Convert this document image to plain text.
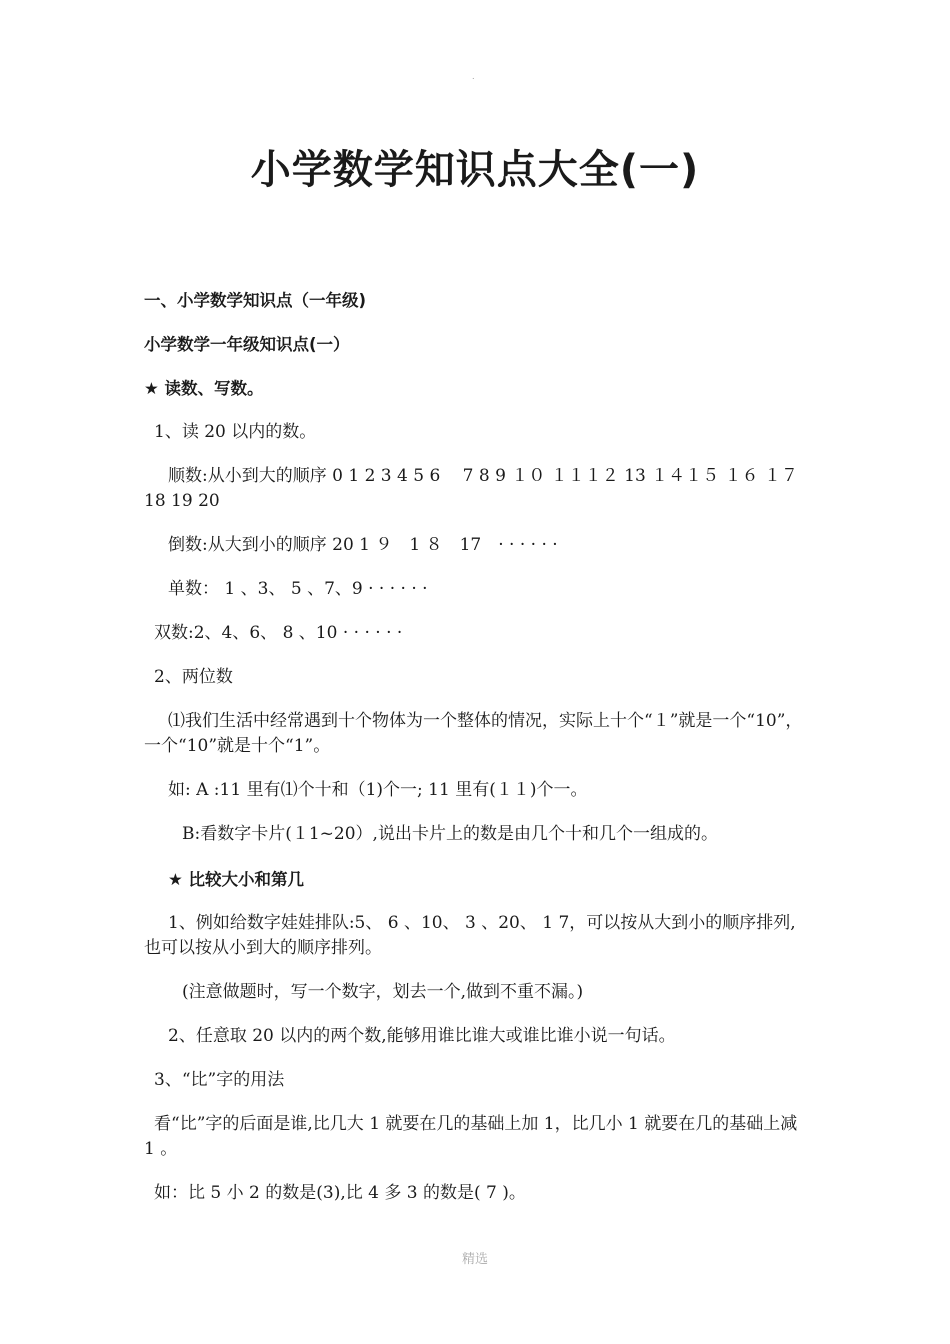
.
小学数学知识点大全(一)
一、小学数学知识点（一年级)
小学数学一年级知识点(一）
★ 读数、写数。
1、读 20 以内的数。
顺数:从小到大的顺序 0 1 2 3 4 5 6　 7 8 9 １０ １１１２ 13 １４１５ １６ １７ 18 19 20
倒数:从大到小的顺序 20 1 ９　1 ８　17　· · · · · ·
单数： 1 、3、 5 、7、9 · · · · · ·
双数:2、4、6、 8 、10 · · · · · ·
2、两位数
⑴我们生活中经常遇到十个物体为一个整体的情况，实际上十个“１”就是一个“10”，一个“10”就是十个“1”。
如: A :11 里有⑴个十和（1)个一; 11 里有(１１)个一。
B:看数字卡片(１1~20）,说出卡片上的数是由几个十和几个一组成的。
★ 比较大小和第几
1、例如给数字娃娃排队:5、 6 、10、 3 、20、 1 7，可以按从大到小的顺序排列,也可以按从小到大的顺序排列。
(注意做题时，写一个数字，划去一个,做到不重不漏。)
2、任意取 20 以内的两个数,能够用谁比谁大或谁比谁小说一句话。
3、“比”字的用法
看“比”字的后面是谁,比几大 1 就要在几的基础上加 1，比几小 1 就要在几的基础上减 1 。
如：比 5 小 2 的数是(3),比 4 多 3 的数是( 7 )。
精选
